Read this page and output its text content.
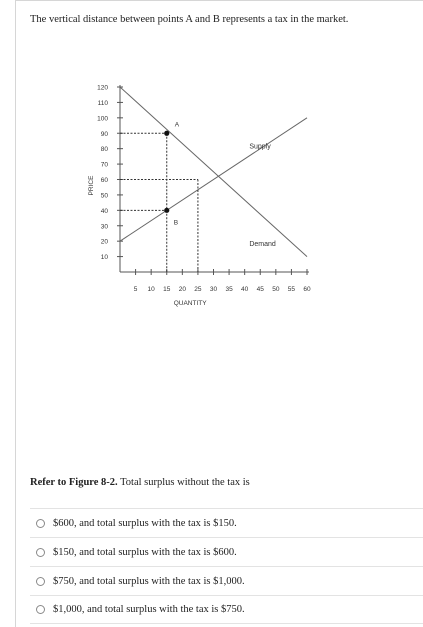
The vertical distance between points A and B represents a tax in the market.
120
110
100
90
80
70
60
50
40
30
20
10
5 10 15 20 25 30 35 40 45 50 55 60
PRICE
QUANTITY
Supply
Demand
A
B
Refer to Figure 8-2. Total surplus without the tax is
$600, and total surplus with the tax is $150.
$150, and total surplus with the tax is $600.
$750, and total surplus with the tax is $1,000.
$1,000, and total surplus with the tax is $750.
